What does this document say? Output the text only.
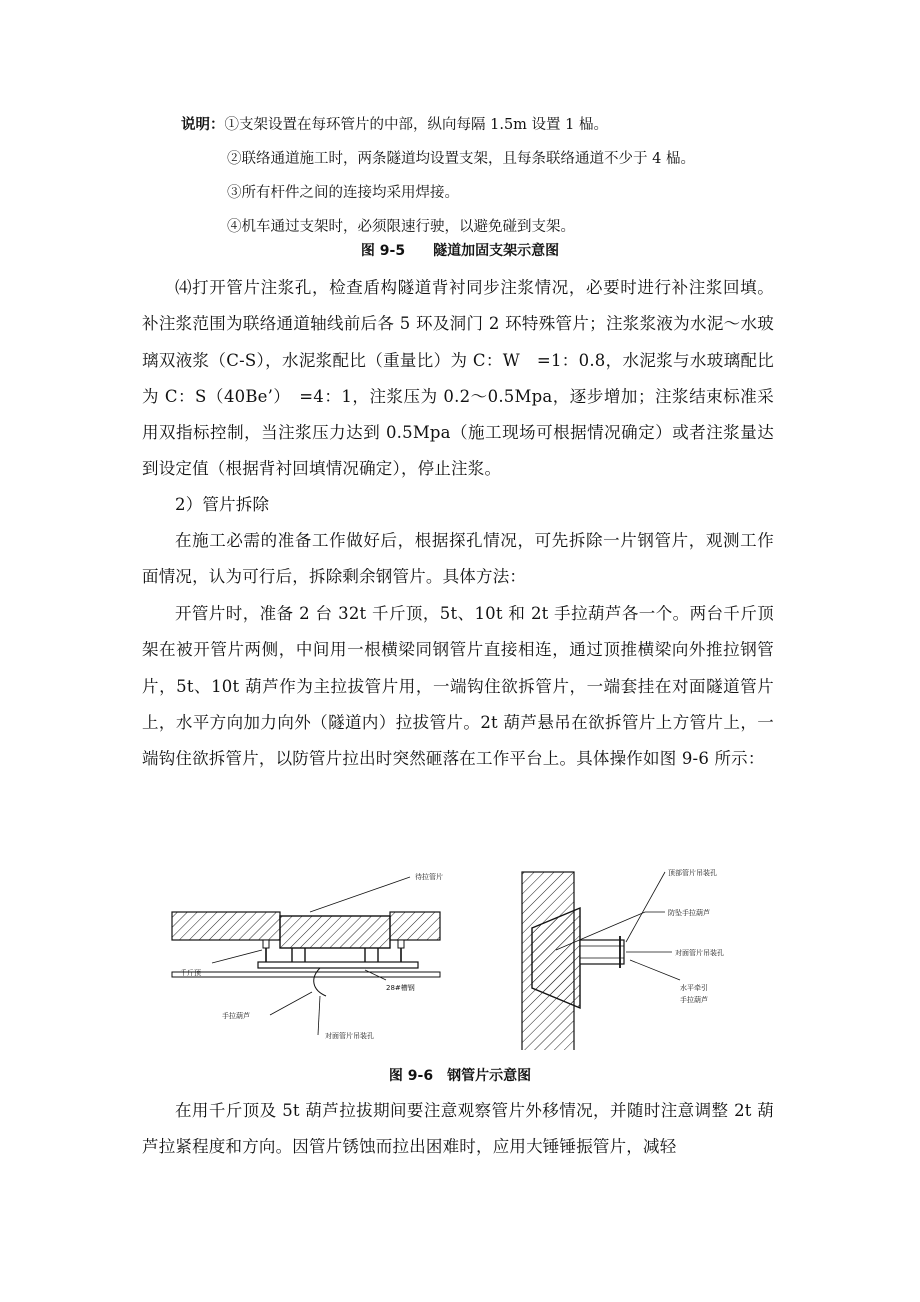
说明：①支架设置在每环管片的中部，纵向每隔 1.5m 设置 1 榀。
②联络通道施工时，两条隧道均设置支架，且每条联络通道不少于 4 榀。
③所有杆件之间的连接均采用焊接。
④机车通过支架时，必须限速行驶，以避免碰到支架。
图 9-5　　隧道加固支架示意图
⑷打开管片注浆孔，检查盾构隧道背衬同步注浆情况，必要时进行补注浆回填。补注浆范围为联络通道轴线前后各 5 环及洞门 2 环特殊管片；注浆浆液为水泥～水玻璃双液浆（C-S），水泥浆配比（重量比）为 C：W　=1：0.8，水泥浆与水玻璃配比为 C：S（40Be’）　=4：1，注浆压为 0.2～0.5Mpa，逐步增加；注浆结束标准采用双指标控制，当注浆压力达到 0.5Mpa（施工现场可根据情况确定）或者注浆量达到设定值（根据背衬回填情况确定），停止注浆。
2）管片拆除
在施工必需的准备工作做好后，根据探孔情况，可先拆除一片钢管片，观测工作面情况，认为可行后，拆除剩余钢管片。具体方法：
开管片时，准备 2 台 32t 千斤顶，5t、10t 和 2t 手拉葫芦各一个。两台千斤顶架在被开管片两侧，中间用一根横梁同钢管片直接相连，通过顶推横梁向外推拉钢管片，5t、10t 葫芦作为主拉拔管片用，一端钩住欲拆管片，一端套挂在对面隧道管片上，水平方向加力向外（隧道内）拉拔管片。2t 葫芦悬吊在欲拆管片上方管片上，一端钩住欲拆管片，以防管片拉出时突然砸落在工作平台上。具体操作如图 9-6 所示：
待拉管片
千斤顶
28#槽钢
手拉葫芦
对面管片吊装孔
顶部管片吊装孔
防坠手拉葫芦
对面管片吊装孔
水平牵引
手拉葫芦
图 9-6　钢管片示意图
在用千斤顶及 5t 葫芦拉拔期间要注意观察管片外移情况，并随时注意调整 2t 葫芦拉紧程度和方向。因管片锈蚀而拉出困难时，应用大锤锤振管片，减轻
